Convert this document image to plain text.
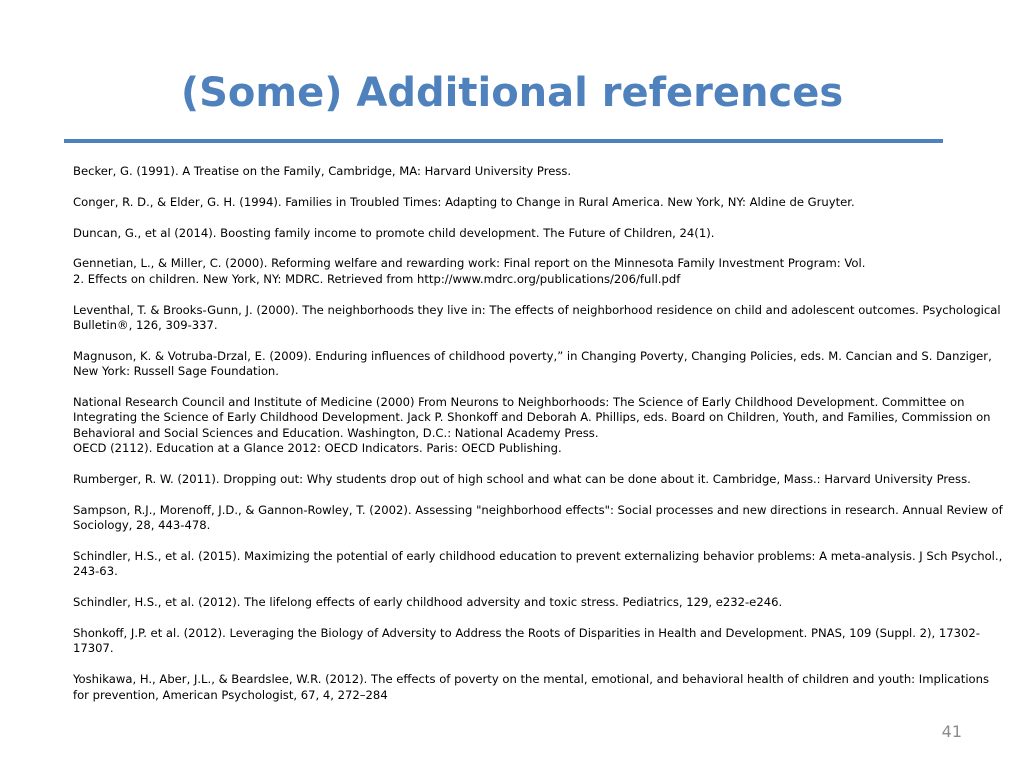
(Some) Additional references
Becker, G. (1991). A Treatise on the Family, Cambridge, MA: Harvard University Press.
Conger, R. D., & Elder, G. H. (1994). Families in Troubled Times: Adapting to Change in Rural America. New York, NY: Aldine de Gruyter.
Duncan, G., et al (2014). Boosting family income to promote child development. The Future of Children, 24(1).
Gennetian, L., & Miller, C. (2000). Reforming welfare and rewarding work: Final report on the Minnesota Family Investment Program: Vol.
2. Effects on children. New York, NY: MDRC. Retrieved from http://www.mdrc.org/publications/206/full.pdf
Leventhal, T. & Brooks-Gunn, J. (2000). The neighborhoods they live in: The effects of neighborhood residence on child and adolescent outcomes. Psychological Bulletin®, 126, 309-337.
Magnuson, K. & Votruba-Drzal, E. (2009). Enduring influences of childhood poverty,” in Changing Poverty, Changing Policies, eds. M. Cancian and S. Danziger, New York: Russell Sage Foundation.
National Research Council and Institute of Medicine (2000) From Neurons to Neighborhoods: The Science of Early Childhood Development. Committee on Integrating the Science of Early Childhood Development. Jack P. Shonkoff and Deborah A. Phillips, eds. Board on Children, Youth, and Families, Commission on Behavioral and Social Sciences and Education. Washington, D.C.: National Academy Press.
OECD (2112). Education at a Glance 2012: OECD Indicators. Paris: OECD Publishing.
Rumberger, R. W. (2011). Dropping out: Why students drop out of high school and what can be done about it. Cambridge, Mass.: Harvard University Press.
Sampson, R.J., Morenoff, J.D., & Gannon-Rowley, T. (2002). Assessing "neighborhood effects": Social processes and new directions in research. Annual Review of Sociology, 28, 443-478.
Schindler, H.S., et al. (2015). Maximizing the potential of early childhood education to prevent externalizing behavior problems: A meta-analysis. J Sch Psychol., 243-63.
Schindler, H.S., et al. (2012). The lifelong effects of early childhood adversity and toxic stress. Pediatrics, 129, e232-e246.
Shonkoff, J.P. et al. (2012). Leveraging the Biology of Adversity to Address the Roots of Disparities in Health and Development. PNAS, 109 (Suppl. 2), 17302-17307.
Yoshikawa, H., Aber, J.L., & Beardslee, W.R. (2012). The effects of poverty on the mental, emotional, and behavioral health of children and youth: Implications for prevention, American Psychologist, 67, 4, 272–284
41
